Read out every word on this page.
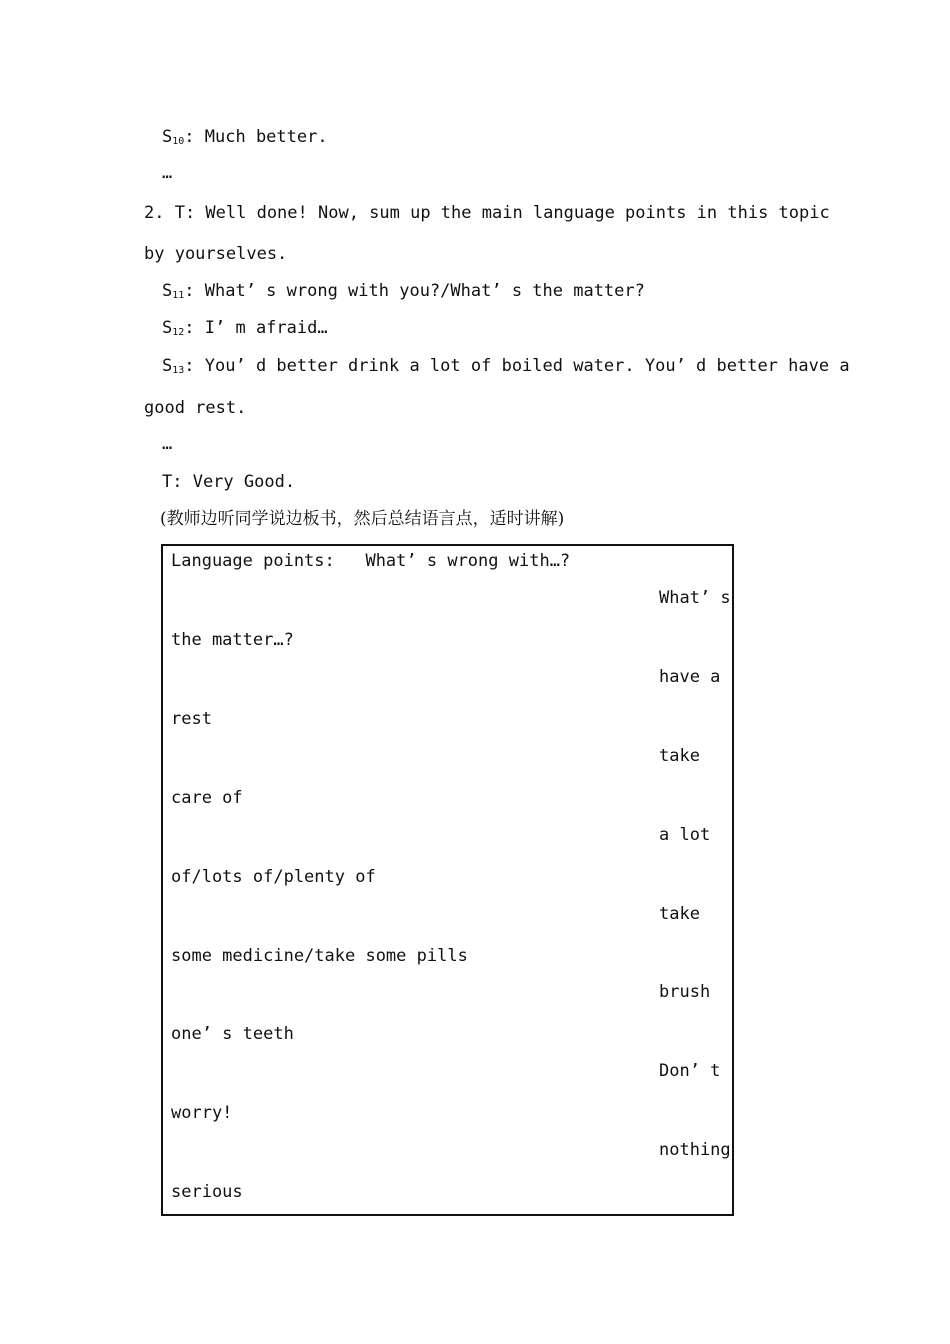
$S_{10}$: Much better.
…
2. T: Well done! Now, sum up the main language points in this topic
by yourselves.
$S_{11}$: What’ s wrong with you?/What’ s the matter?
$S_{12}$: I’ m afraid…
$S_{13}$: You’ d better drink a lot of boiled water. You’ d better have a
good rest.
…
T: Very Good.
(教师边听同学说边板书，然后总结语言点，适时讲解)
Language points:   What’ s wrong with…?
What’ s
the matter…?
have a
rest
take
care of
a lot
of/lots of/plenty of
take
some medicine/take some pills
brush
one’ s teeth
Don’ t
worry!
nothing
serious
